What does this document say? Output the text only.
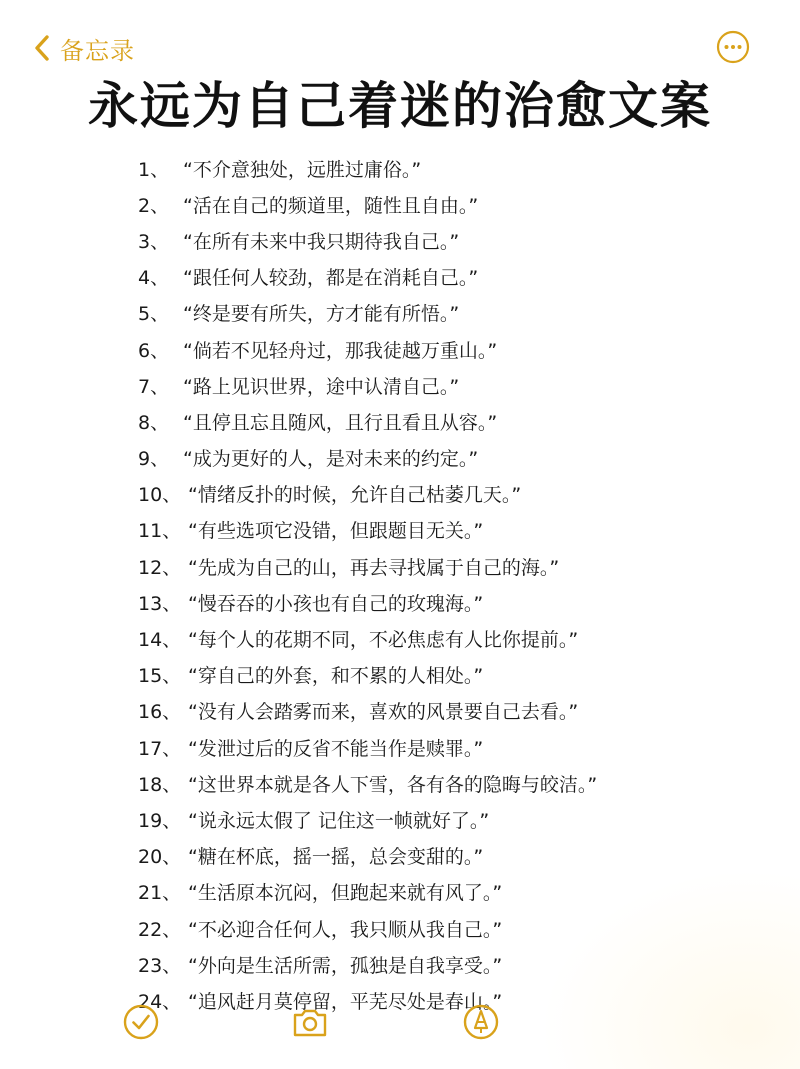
备忘录
永远为自己着迷的治愈文案
1、 “不介意独处，远胜过庸俗。”
2、 “活在自己的频道里，随性且自由。”
3、 “在所有未来中我只期待我自己。”
4、 “跟任何人较劲，都是在消耗自己。”
5、 “终是要有所失，方才能有所悟。”
6、 “倘若不见轻舟过，那我徒越万重山。”
7、 “路上见识世界，途中认清自己。”
8、 “且停且忘且随风，且行且看且从容。”
9、 “成为更好的人，是对未来的约定。”
10、 “情绪反扑的时候，允许自己枯萎几天。”
11、 “有些选项它没错，但跟题目无关。”
12、 “先成为自己的山，再去寻找属于自己的海。”
13、 “慢吞吞的小孩也有自己的玫瑰海。”
14、 “每个人的花期不同，不必焦虑有人比你提前。”
15、 “穿自己的外套，和不累的人相处。”
16、 “没有人会踏雾而来，喜欢的风景要自己去看。”
17、 “发泄过后的反省不能当作是赎罪。”
18、 “这世界本就是各人下雪，各有各的隐晦与皎洁。”
19、 “说永远太假了 记住这一帧就好了。”
20、 “糖在杯底，摇一摇，总会变甜的。”
21、 “生活原本沉闷，但跑起来就有风了。”
22、 “不必迎合任何人，我只顺从我自己。”
23、 “外向是生活所需，孤独是自我享受。”
24、 “追风赶月莫停留，平芜尽处是春山。”
